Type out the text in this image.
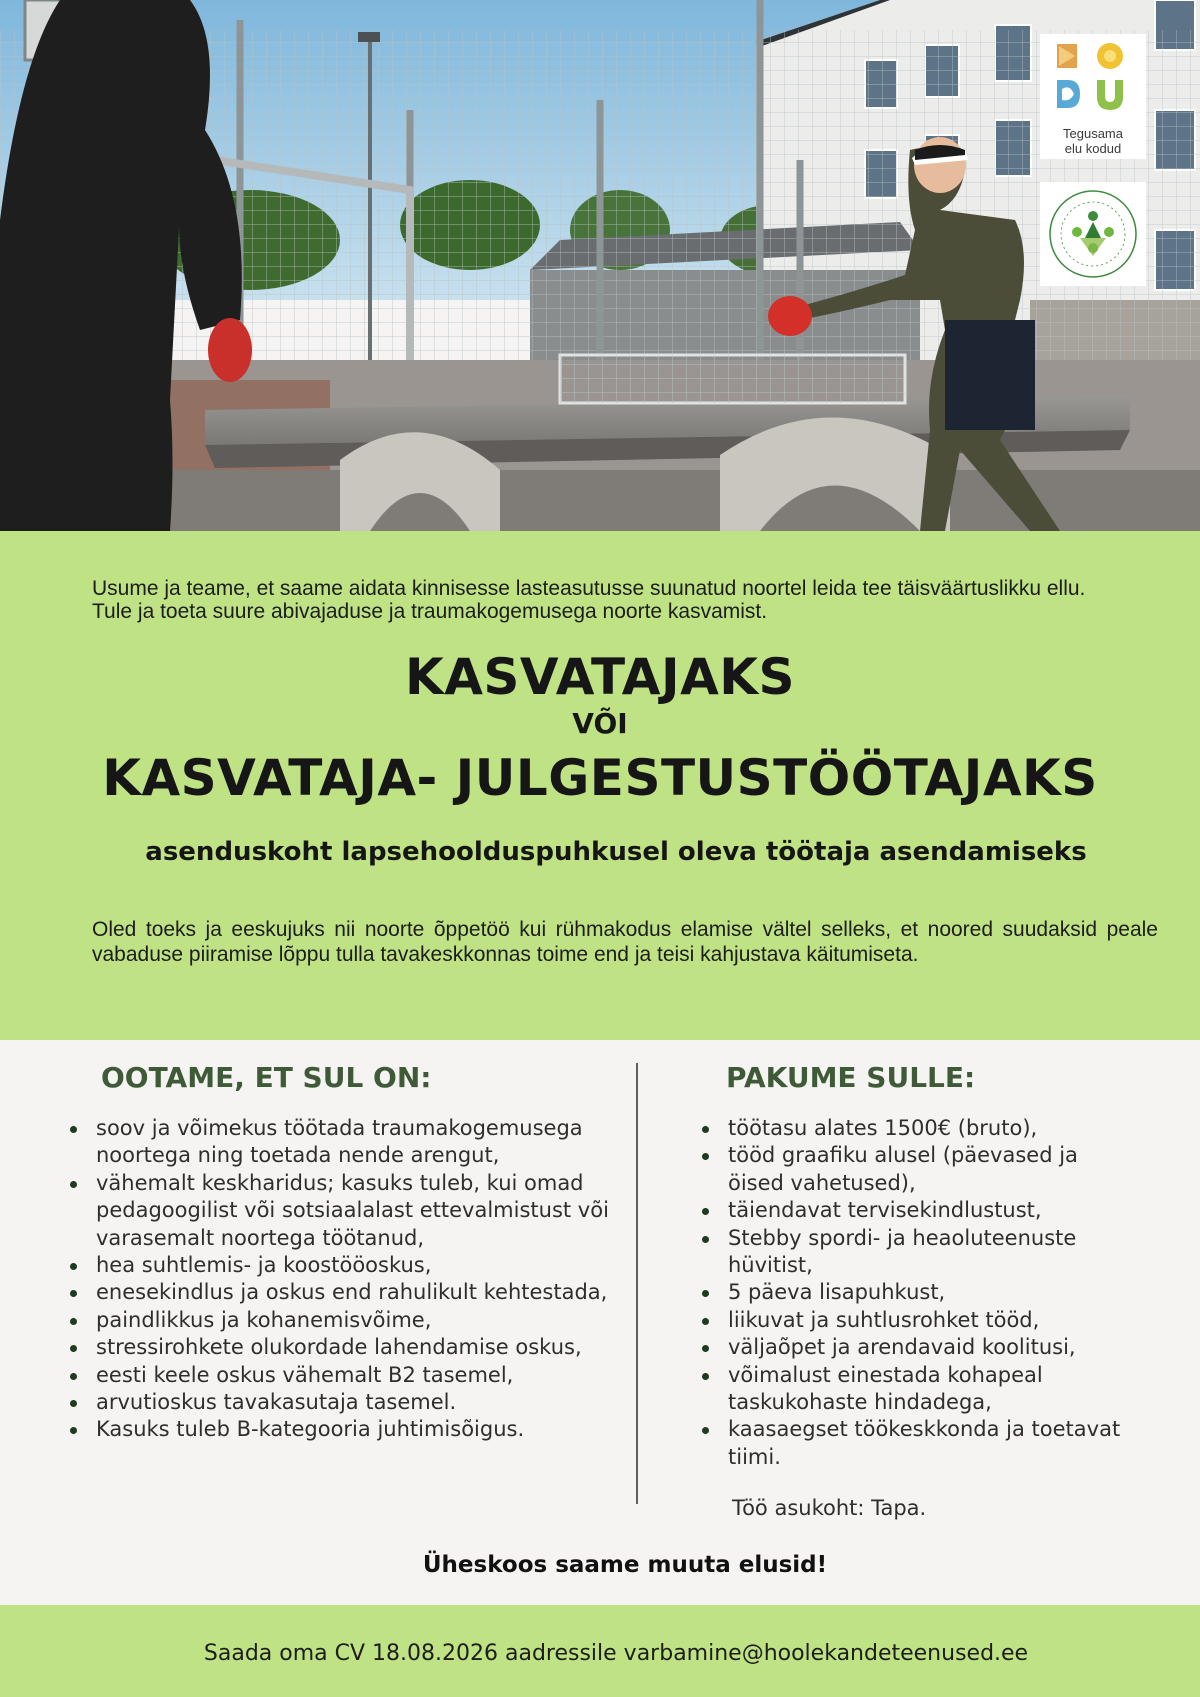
Tegusama
elu kodud

Usume ja teame, et saame aidata kinnisesse lasteasutusse suunatud noortel leida tee täisväärtuslikku ellu. Tule ja toeta suure abivajaduse ja traumakogemusega noorte kasvamist.

KASVATAJAKS
VÕI
KASVATAJA- JULGESTUSTÖÖTAJAKS
asenduskoht lapsehoolduspuhkusel oleva töötaja asendamiseks

Oled toeks ja eeskujuks nii noorte õppetöö kui rühmakodus elamise vältel selleks, et noored suudaksid peale vabaduse piiramise lõppu tulla tavakeskkonnas toime end ja teisi kahjustava käitumiseta.

OOTAME, ET SUL ON:	PAKUME SULLE:
soov ja võimekus töötada traumakogemusega noortega ning toetada nende arengut,
vähemalt keskharidus; kasuks tuleb, kui omad pedagoogilist või sotsiaalalast ettevalmistust või varasemalt noortega töötanud,
hea suhtlemis- ja koostööoskus,
enesekindlus ja oskus end rahulikult kehtestada,
paindlikkus ja kohanemisvõime,
stressirohkete olukordade lahendamise oskus,
eesti keele oskus vähemalt B2 tasemel,
arvutioskus tavakasutaja tasemel.
Kasuks tuleb B-kategooria juhtimisõigus.
töötasu alates 1500€ (bruto),
tööd graafiku alusel (päevased ja öised vahetused),
täiendavat tervisekindlustust,
Stebby spordi- ja heaoluteenuste hüvitist,
5 päeva lisapuhkust,
liikuvat ja suhtlusrohket tööd,
väljaõpet ja arendavaid koolitusi,
võimalust einestada kohapeal taskukohaste hindadega,
kaasaegset töökeskkonda ja toetavat tiimi.
Töö asukoht: Tapa.
Üheskoos saame muuta elusid!
Saada oma CV 18.08.2026 aadressile varbamine@hoolekandeteenused.ee
